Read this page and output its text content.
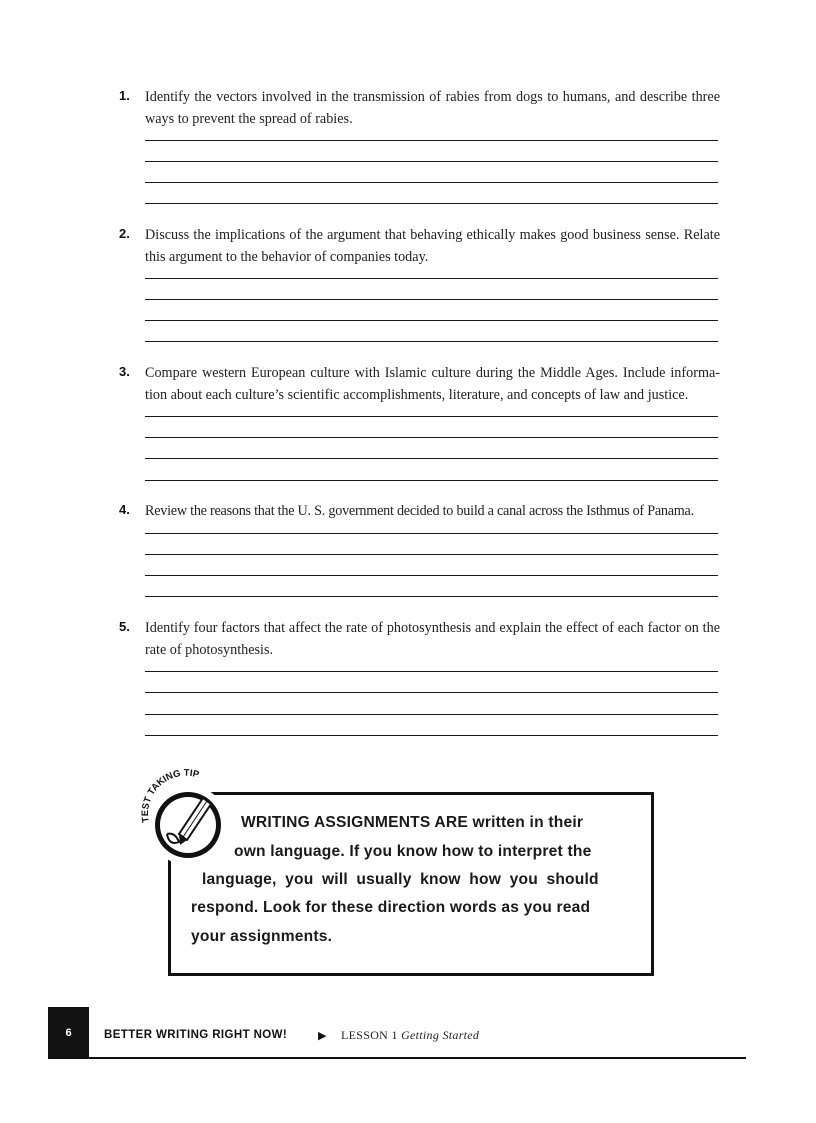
1. Identify the vectors involved in the transmission of rabies from dogs to humans, and describe three ways to prevent the spread of rabies.
2. Discuss the implications of the argument that behaving ethically makes good business sense. Relate this argument to the behavior of companies today.
3. Compare western European culture with Islamic culture during the Middle Ages. Include informa-tion about each culture’s scientific accomplishments, literature, and concepts of law and justice.
4. Review the reasons that the U. S. government decided to build a canal across the Isthmus of Panama.
5. Identify four factors that affect the rate of photosynthesis and explain the effect of each factor on the rate of photosynthesis.
WRITING ASSIGNMENTS ARE written in their
own language. If you know how to interpret the
language, you will usually know how you should
respond. Look for these direction words as you read
your assignments.
TEST TAKING TIP
6	BETTER WRITING RIGHT NOW!	▶ LESSON 1 Getting Started
